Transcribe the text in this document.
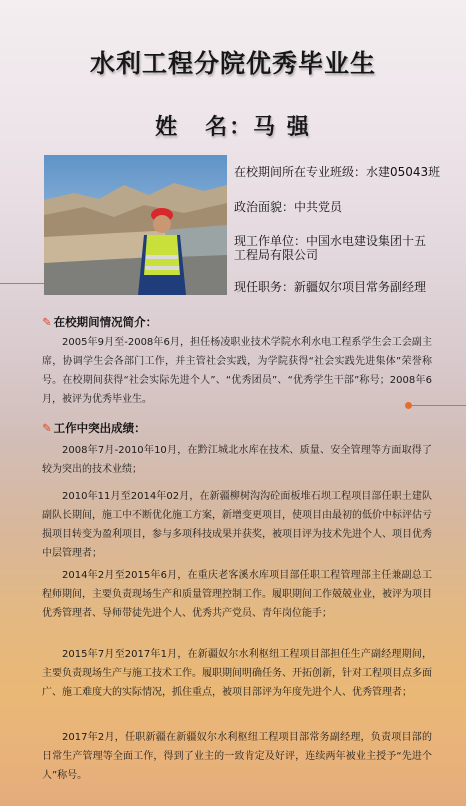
水利工程分院优秀毕业生
姓 名：马 强
在校期间所在专业班级：水建05043班
政治面貌：中共党员
现工作单位：中国水电建设集团十五
工程局有限公司
现任职务：新疆奴尔项目常务副经理
✎ 在校期间情况简介：
2005年9月至-2008年6月，担任杨凌职业技术学院水利水电工程系学生会工会副主席，协调学生会各部门工作，并主管社会实践，为学院获得“社会实践先进集体”荣誉称号。在校期间获得“社会实际先进个人”、“优秀团员”、“优秀学生干部”称号；2008年6月，被评为优秀毕业生。
✎ 工作中突出成绩：
2008年7月-2010年10月，在黔江城北水库在技术、质量、安全管理等方面取得了较为突出的技术业绩；
2010年11月至2014年02月，在新疆柳树沟沟砼面板堆石坝工程项目部任职土建队副队长期间，施工中不断优化施工方案，新增变更项目，使项目由最初的低价中标评估亏损项目转变为盈利项目，参与多项科技成果并获奖，被项目评为技术先进个人、项目优秀中层管理者；
2014年2月至2015年6月，在重庆老客溪水库项目部任职工程管理部主任兼副总工程师期间，主要负责现场生产和质量管理控制工作。履职期间工作兢兢业业，被评为项目优秀管理者、导师带徒先进个人、优秀共产党员、青年岗位能手；
2015年7月至2017年1月，在新疆奴尔水利枢纽工程项目部担任生产副经理期间，主要负责现场生产与施工技术工作。履职期间明确任务、开拓创新，针对工程项目点多面广、施工难度大的实际情况，抓住重点，被项目部评为年度先进个人、优秀管理者；
2017年2月，任职新疆在新疆奴尔水利枢纽工程项目部常务副经理，负责项目部的日常生产管理等全面工作，得到了业主的一致肯定及好评，连续两年被业主授予“先进个人”称号。
